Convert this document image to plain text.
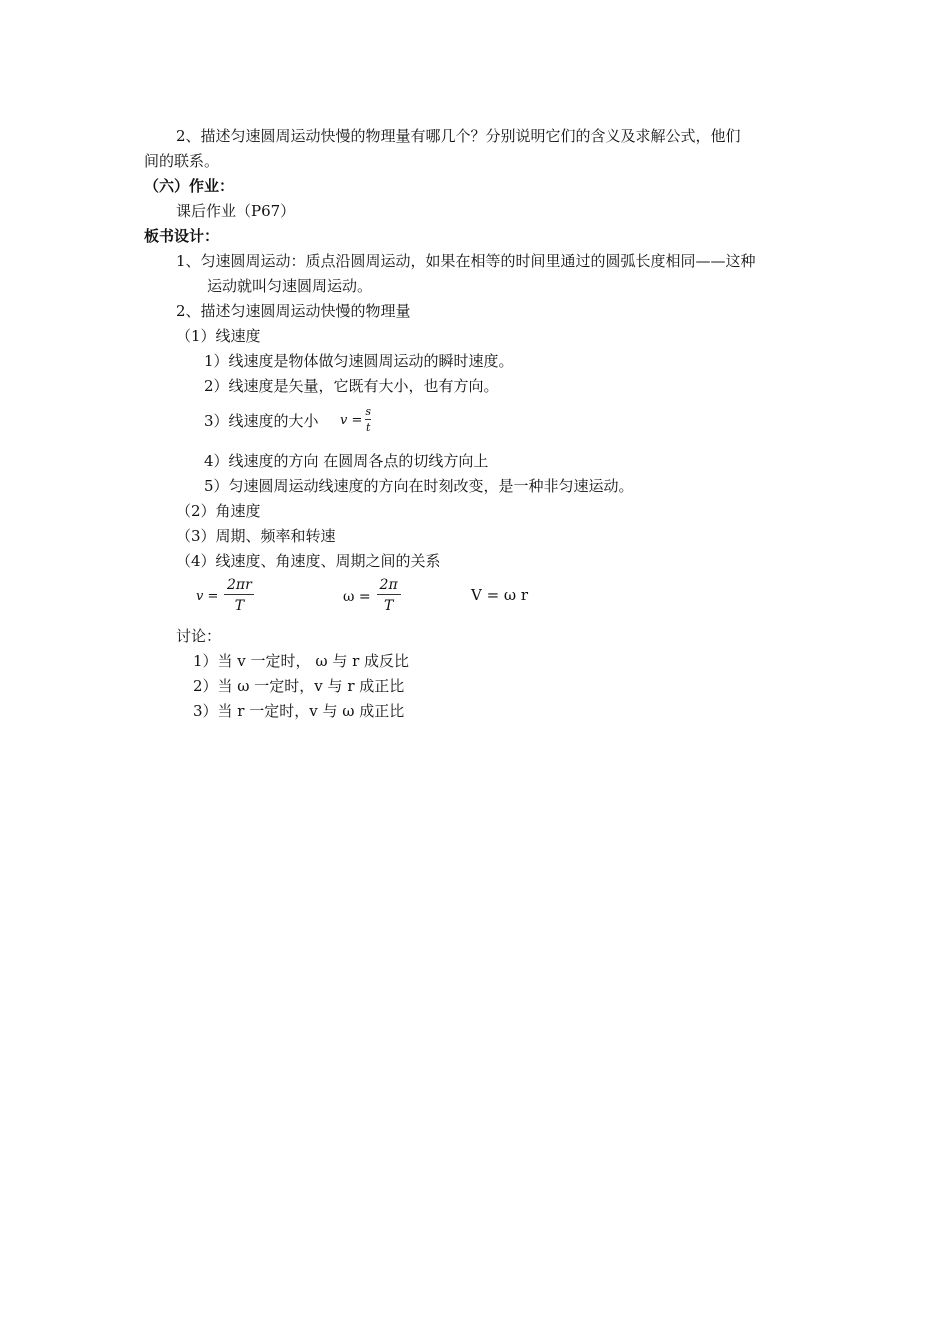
2、描述匀速圆周运动快慢的物理量有哪几个？分别说明它们的含义及求解公式，他们
间的联系。
（六）作业：
课后作业（P67）
板书设计：
1、匀速圆周运动：质点沿圆周运动，如果在相等的时间里通过的圆弧长度相同——这种
运动就叫匀速圆周运动。
2、描述匀速圆周运动快慢的物理量
（1）线速度
1）线速度是物体做匀速圆周运动的瞬时速度。
2）线速度是矢量，它既有大小，也有方向。
3）线速度的大小 $v = \frac{s}{t}$
4）线速度的方向 在圆周各点的切线方向上
5）匀速圆周运动线速度的方向在时刻改变，是一种非匀速运动。
（2）角速度
（3）周期、频率和转速
（4）线速度、角速度、周期之间的关系
$v = \frac{2\pi r}{T}$	$\omega = \frac{2\pi}{T}$	V = ω r
讨论：
1）当 v 一定时， ω 与 r 成反比
2）当 ω 一定时，v 与 r 成正比
3）当 r 一定时，v 与 ω 成正比
